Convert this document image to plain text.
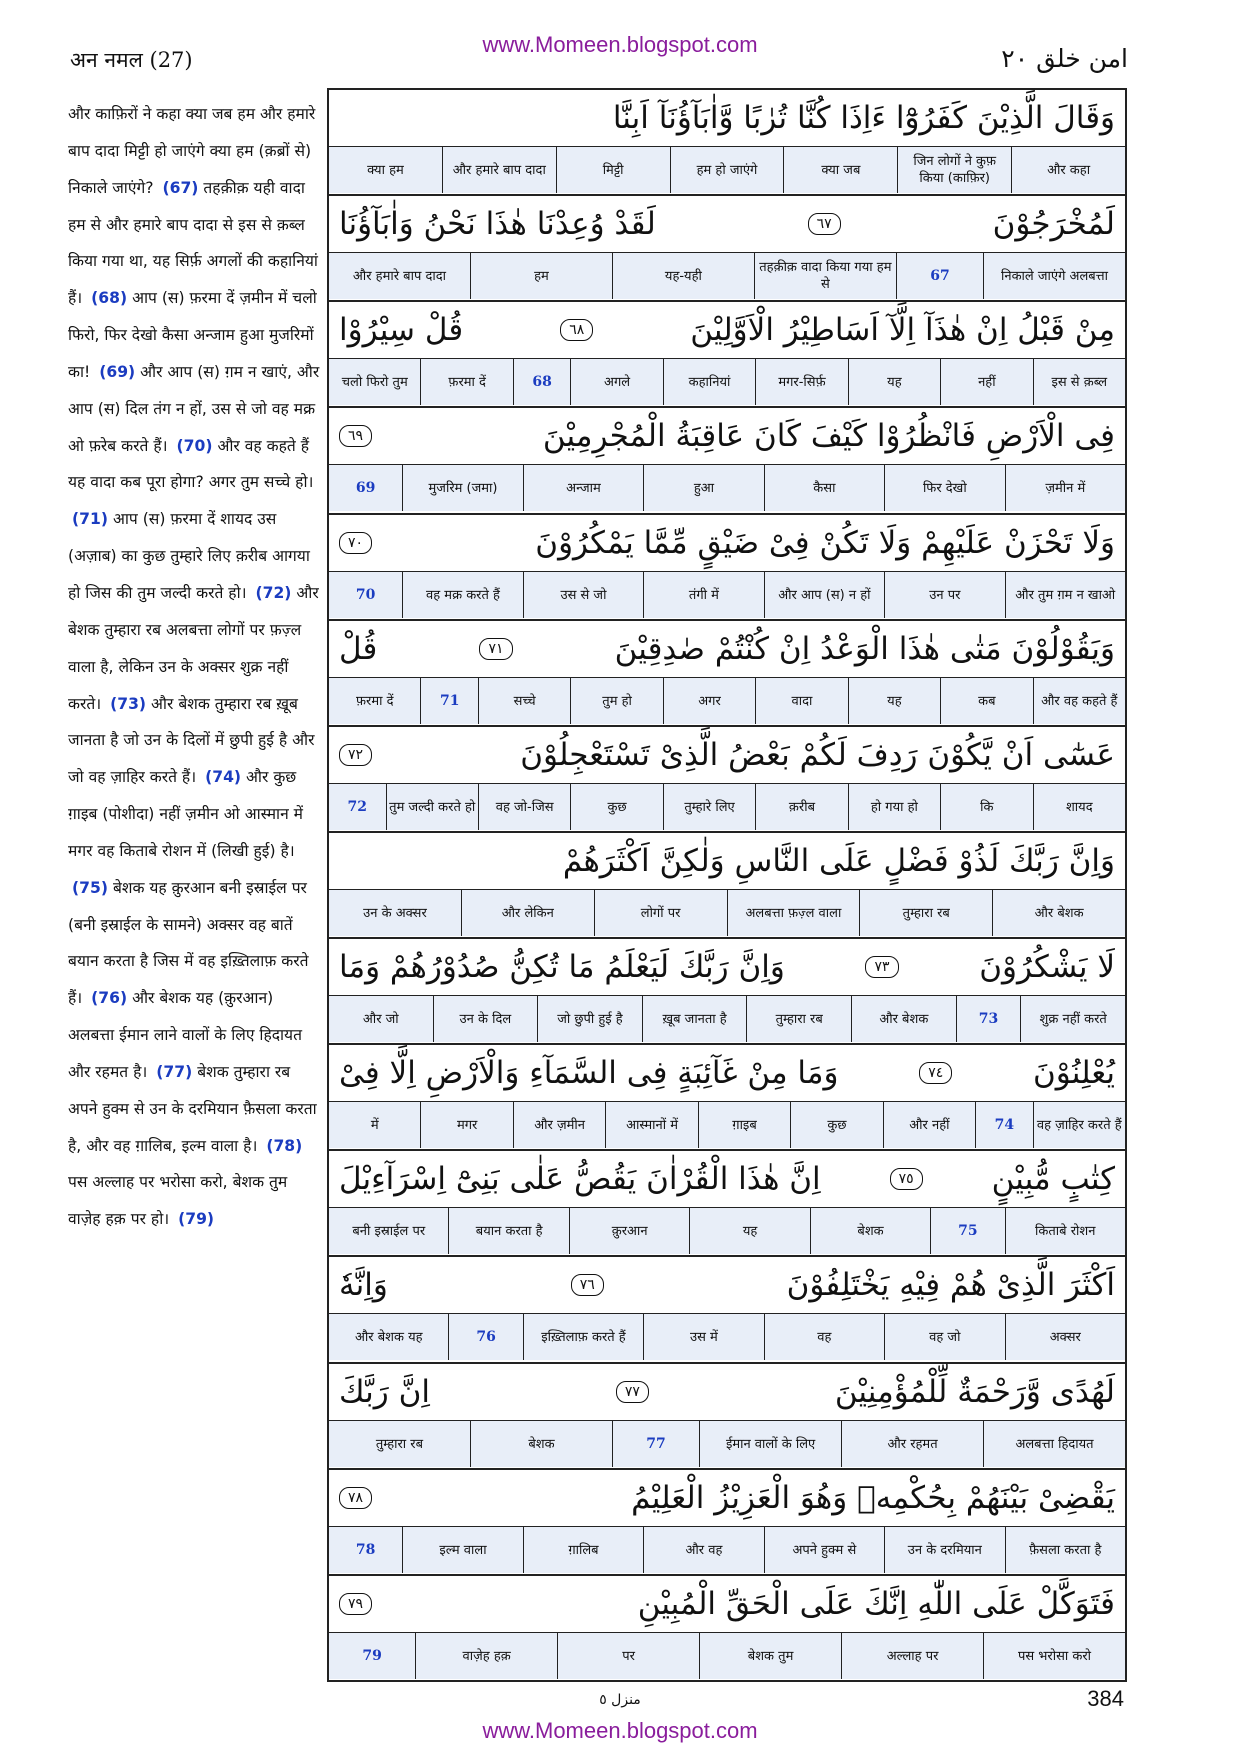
अन नमल (27)
www.Momeen.blogspot.com	امن خلق ٢٠
और काफ़िरों ने कहा क्या जब हम और हमारे बाप दादा मिट्टी हो जाएंगे क्या हम (क़ब्रों से) निकाले जाएंगे? (67) तहक़ीक़ यही वादा हम से और हमारे बाप दादा से इस से क़ब्ल किया गया था, यह सिर्फ़ अगलों की कहानियां हैं। (68) आप (स) फ़रमा दें ज़मीन में चलो फिरो, फिर देखो कैसा अन्जाम हुआ मुजरिमों का! (69) और आप (स) ग़म न खाएं, और आप (स) दिल तंग न हों, उस से जो वह मक्र ओ फ़रेब करते हैं। (70) और वह कहते हैं यह वादा कब पूरा होगा? अगर तुम सच्चे हो। (71) आप (स) फ़रमा दें शायद उस (अज़ाब) का कुछ तुम्हारे लिए क़रीब आगया हो जिस की तुम जल्दी करते हो। (72) और बेशक तुम्हारा रब अलबत्ता लोगों पर फ़ज़्ल वाला है, लेकिन उन के अक्सर शुक्र नहीं करते। (73) और बेशक तुम्हारा रब ख़ूब जानता है जो उन के दिलों में छुपी हुई है और जो वह ज़ाहिर करते हैं। (74) और कुछ ग़ाइब (पोशीदा) नहीं ज़मीन ओ आस्मान में मगर वह किताबे रोशन में (लिखी हुई) है। (75) बेशक यह क़ुरआन बनी इस्राईल पर (बनी इस्राईल के सामने) अक्सर वह बातें बयान करता है जिस में वह इख़्तिलाफ़ करते हैं। (76) और बेशक यह (क़ुरआन) अलबत्ता ईमान लाने वालों के लिए हिदायत और रहमत है। (77) बेशक तुम्हारा रब अपने हुक्म से उन के दरमियान फ़ैसला करता है, और वह ग़ालिब, इल्म वाला है। (78) पस अल्लाह पर भरोसा करो, बेशक तुम वाज़ेह हक़ पर हो। (79)
وَقَالَ الَّذِيْنَ كَفَرُوْٓا ءَاِذَا كُنَّا تُرٰبًا وَّاٰبَآؤُنَآ اَبِنَّا
और कहा
जिन लोगों ने कुफ़ किया (काफ़िर)
क्या जब
हम हो जाएंगे
मिट्टी
और हमारे बाप दादा
क्या हम
لَمُخْرَجُوْنَ
٦٧
لَقَدْ وُعِدْنَا هٰذَا نَحْنُ وَاٰبَآؤُنَا
निकाले जाएंगे अलबत्ता
67
तहक़ीक़ वादा किया गया हम से
यह-यही
हम
और हमारे बाप दादा
مِنْ قَبْلُ اِنْ هٰذَآ اِلَّآ اَسَاطِيْرُ الْاَوَّلِيْنَ
٦٨
قُلْ سِيْرُوْا
इस से क़ब्ल
नहीं
यह
मगर-सिर्फ़
कहानियां
अगले
68
फ़रमा दें
चलो फिरो तुम
فِى الْاَرْضِ فَانْظُرُوْا كَيْفَ كَانَ عَاقِبَةُ الْمُجْرِمِيْنَ
٦٩
ज़मीन में
फिर देखो
कैसा
हुआ
अन्जाम
मुजरिम (जमा)
69
وَلَا تَحْزَنْ عَلَيْهِمْ وَلَا تَكُنْ فِىْ ضَيْقٍ مِّمَّا يَمْكُرُوْنَ
٧٠
और तुम ग़म न खाओ
उन पर
और आप (स) न हों
तंगी में
उस से जो
वह मक्र करते हैं
70
وَيَقُوْلُوْنَ مَتٰى هٰذَا الْوَعْدُ اِنْ كُنْتُمْ صٰدِقِيْنَ
٧١
قُلْ
और वह कहते हैं
कब
यह
वादा
अगर
तुम हो
सच्चे
71
फ़रमा दें
عَسٰٓى اَنْ يَّكُوْنَ رَدِفَ لَكُمْ بَعْضُ الَّذِىْ تَسْتَعْجِلُوْنَ
٧٢
शायद
कि
हो गया हो
क़रीब
तुम्हारे लिए
कुछ
वह जो-जिस
तुम जल्दी करते हो
72
وَاِنَّ رَبَّكَ لَذُوْ فَضْلٍ عَلَى النَّاسِ وَلٰكِنَّ اَكْثَرَهُمْ
और बेशक
तुम्हारा रब
अलबत्ता फ़ज़्ल वाला
लोगों पर
और लेकिन
उन के अक्सर
لَا يَشْكُرُوْنَ
٧٣
وَاِنَّ رَبَّكَ لَيَعْلَمُ مَا تُكِنُّ صُدُوْرُهُمْ وَمَا
शुक्र नहीं करते
73
और बेशक
तुम्हारा रब
ख़ूब जानता है
जो छुपी हुई है
उन के दिल
और जो
يُعْلِنُوْنَ
٧٤
وَمَا مِنْ غَآئِبَةٍ فِى السَّمَآءِ وَالْاَرْضِ اِلَّا فِىْ
वह ज़ाहिर करते हैं
74
और नहीं
कुछ
ग़ाइब
आस्मानों में
और ज़मीन
मगर
में
كِتٰبٍ مُّبِيْنٍ
٧٥
اِنَّ هٰذَا الْقُرْاٰنَ يَقُصُّ عَلٰى بَنِىْٓ اِسْرَآءِيْلَ
किताबे रोशन
75
बेशक
यह
क़ुरआन
बयान करता है
बनी इस्राईल पर
اَكْثَرَ الَّذِىْ هُمْ فِيْهِ يَخْتَلِفُوْنَ
٧٦
وَاِنَّهٗ
अक्सर
वह जो
वह
उस में
इख़्तिलाफ़ करते हैं
76
और बेशक यह
لَهُدًى وَّرَحْمَةٌ لِّلْمُؤْمِنِيْنَ
٧٧
اِنَّ رَبَّكَ
अलबत्ता हिदायत
और रहमत
ईमान वालों के लिए
77
बेशक
तुम्हारा रब
يَقْضِىْ بَيْنَهُمْ بِحُكْمِهٖ وَهُوَ الْعَزِيْزُ الْعَلِيْمُ
٧٨
फ़ैसला करता है
उन के दरमियान
अपने हुक्म से
और वह
ग़ालिब
इल्म वाला
78
فَتَوَكَّلْ عَلَى اللّٰهِ اِنَّكَ عَلَى الْحَقِّ الْمُبِيْنِ
٧٩
पस भरोसा करो
अल्लाह पर
बेशक तुम
पर
वाज़ेह हक़
79
منزل ٥	384
www.Momeen.blogspot.com
